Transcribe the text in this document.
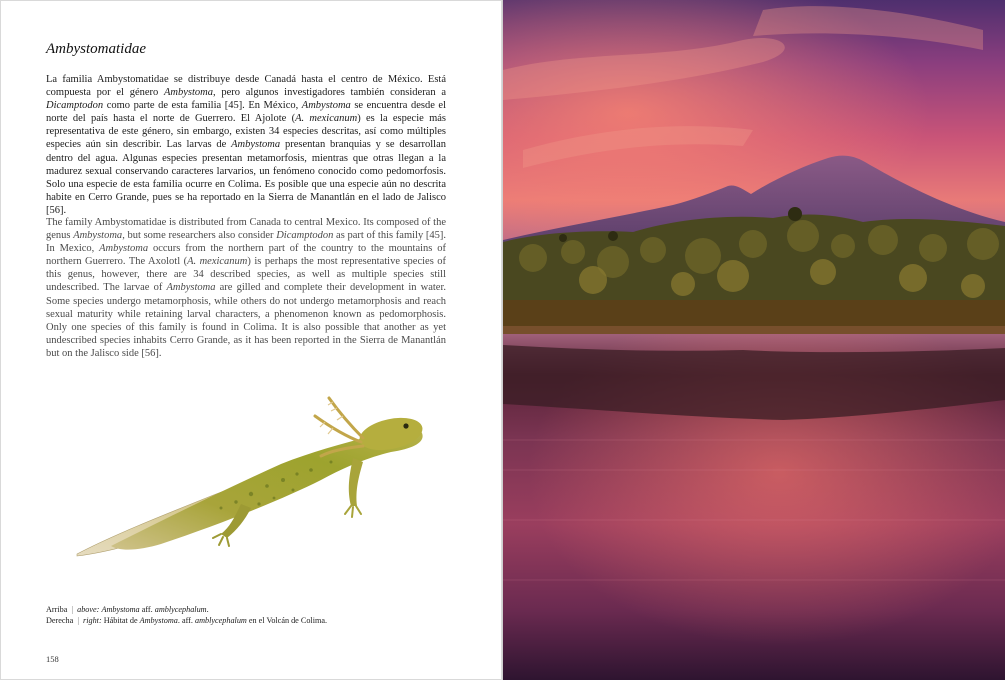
Ambystomatidae

La familia Ambystomatidae se distribuye desde Canadá hasta el centro de México. Está compuesta por el género Ambystoma, pero algunos investigadores también consideran a Dicamptodon como parte de esta familia [45]. En México, Ambystoma se encuentra desde el norte del país hasta el norte de Guerrero. El Ajolote (A. mexicanum) es la especie más representativa de este género, sin embargo, existen 34 especies descritas, así como múltiples especies aún sin describir. Las larvas de Ambystoma presentan branquias y se desarrollan dentro del agua. Algunas especies presentan metamorfosis, mientras que otras llegan a la madurez sexual conservando caracteres larvarios, un fenómeno conocido como pedomorfosis. Solo una especie de esta familia ocurre en Colima. Es posible que una especie aún no descrita habite en Cerro Grande, pues se ha reportado en la Sierra de Manantlán en el lado de Jalisco [56].

The family Ambystomatidae is distributed from Canada to central Mexico. Its composed of the genus Ambystoma, but some researchers also consider Dicamptodon as part of this family [45]. In Mexico, Ambystoma occurs from the northern part of the country to the mountains of northern Guerrero. The Axolotl (A. mexicanum) is perhaps the most representative species of this genus, however, there are 34 described species, as well as multiple species still undescribed. The larvae of Ambystoma are gilled and complete their development in water. Some species undergo metamorphosis, while others do not undergo metamorphosis and reach sexual maturity while retaining larval characters, a phenomenon known as pedomorphosis. Only one species of this family is found in Colima. It is also possible that another as yet undescribed species inhabits Cerro Grande, as it has been reported in the Sierra de Manantlán but on the Jalisco side [56].

Arriba | above: Ambystoma aff. amblycephalum.
Derecha | right: Hábitat de Ambystoma. aff. amblycephalum en el Volcán de Colima.
158
